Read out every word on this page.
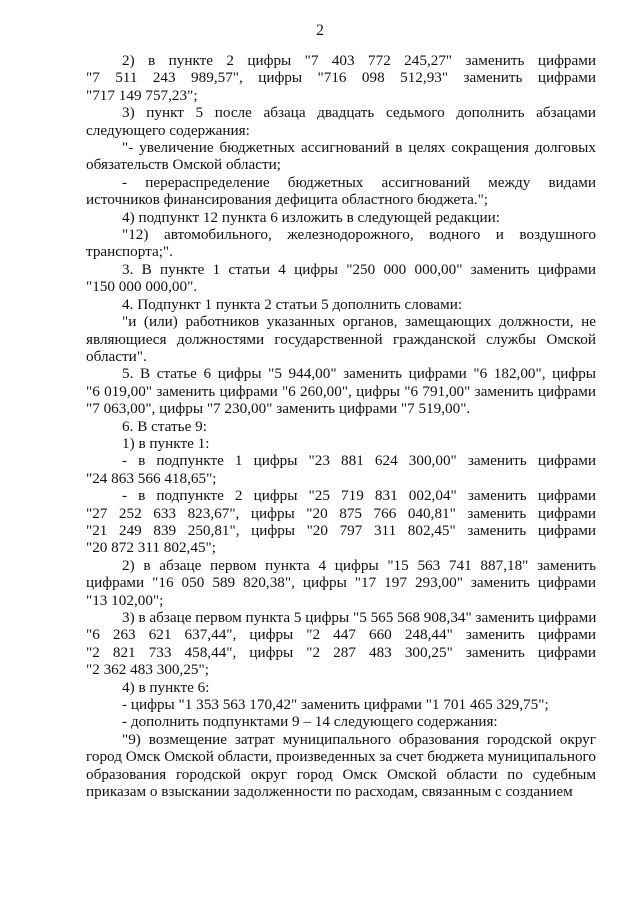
2

2) в пункте 2 цифры "7 403 772 245,27" заменить цифрами
"7 511 243 989,57", цифры "716 098 512,93" заменить цифрами
"717 149 757,23";

3) пункт 5 после абзаца двадцать седьмого дополнить абзацами
следующего содержания:

"- увеличение бюджетных ассигнований в целях сокращения долговых
обязательств Омской области;

- перераспределение бюджетных ассигнований между видами
источников финансирования дефицита областного бюджета.";

4) подпункт 12 пункта 6 изложить в следующей редакции:

"12) автомобильного, железнодорожного, водного и воздушного
транспорта;".

3. В пункте 1 статьи 4 цифры "250 000 000,00" заменить цифрами
"150 000 000,00".

4. Подпункт 1 пункта 2 статьи 5 дополнить словами:

"и (или) работников указанных органов, замещающих должности, не
являющиеся должностями государственной гражданской службы Омской
области".

5. В статье 6 цифры "5 944,00" заменить цифрами "6 182,00", цифры
"6 019,00" заменить цифрами "6 260,00", цифры "6 791,00" заменить цифрами
"7 063,00", цифры "7 230,00" заменить цифрами "7 519,00".

6. В статье 9:

1) в пункте 1:

- в подпункте 1 цифры "23 881 624 300,00" заменить цифрами
"24 863 566 418,65";

- в подпункте 2 цифры "25 719 831 002,04" заменить цифрами
"27 252 633 823,67", цифры "20 875 766 040,81" заменить цифрами
"21 249 839 250,81", цифры "20 797 311 802,45" заменить цифрами
"20 872 311 802,45";

2) в абзаце первом пункта 4 цифры "15 563 741 887,18" заменить
цифрами "16 050 589 820,38", цифры "17 197 293,00" заменить цифрами
"13 102,00";

3) в абзаце первом пункта 5 цифры "5 565 568 908,34" заменить цифрами
"6 263 621 637,44", цифры "2 447 660 248,44" заменить цифрами
"2 821 733 458,44", цифры "2 287 483 300,25" заменить цифрами
"2 362 483 300,25";

4) в пункте 6:

- цифры "1 353 563 170,42" заменить цифрами "1 701 465 329,75";

- дополнить подпунктами 9 – 14 следующего содержания:

"9) возмещение затрат муниципального образования городской округ
город Омск Омской области, произведенных за счет бюджета муниципального
образования городской округ город Омск Омской области по судебным
приказам о взыскании задолженности по расходам, связанным с созданием
